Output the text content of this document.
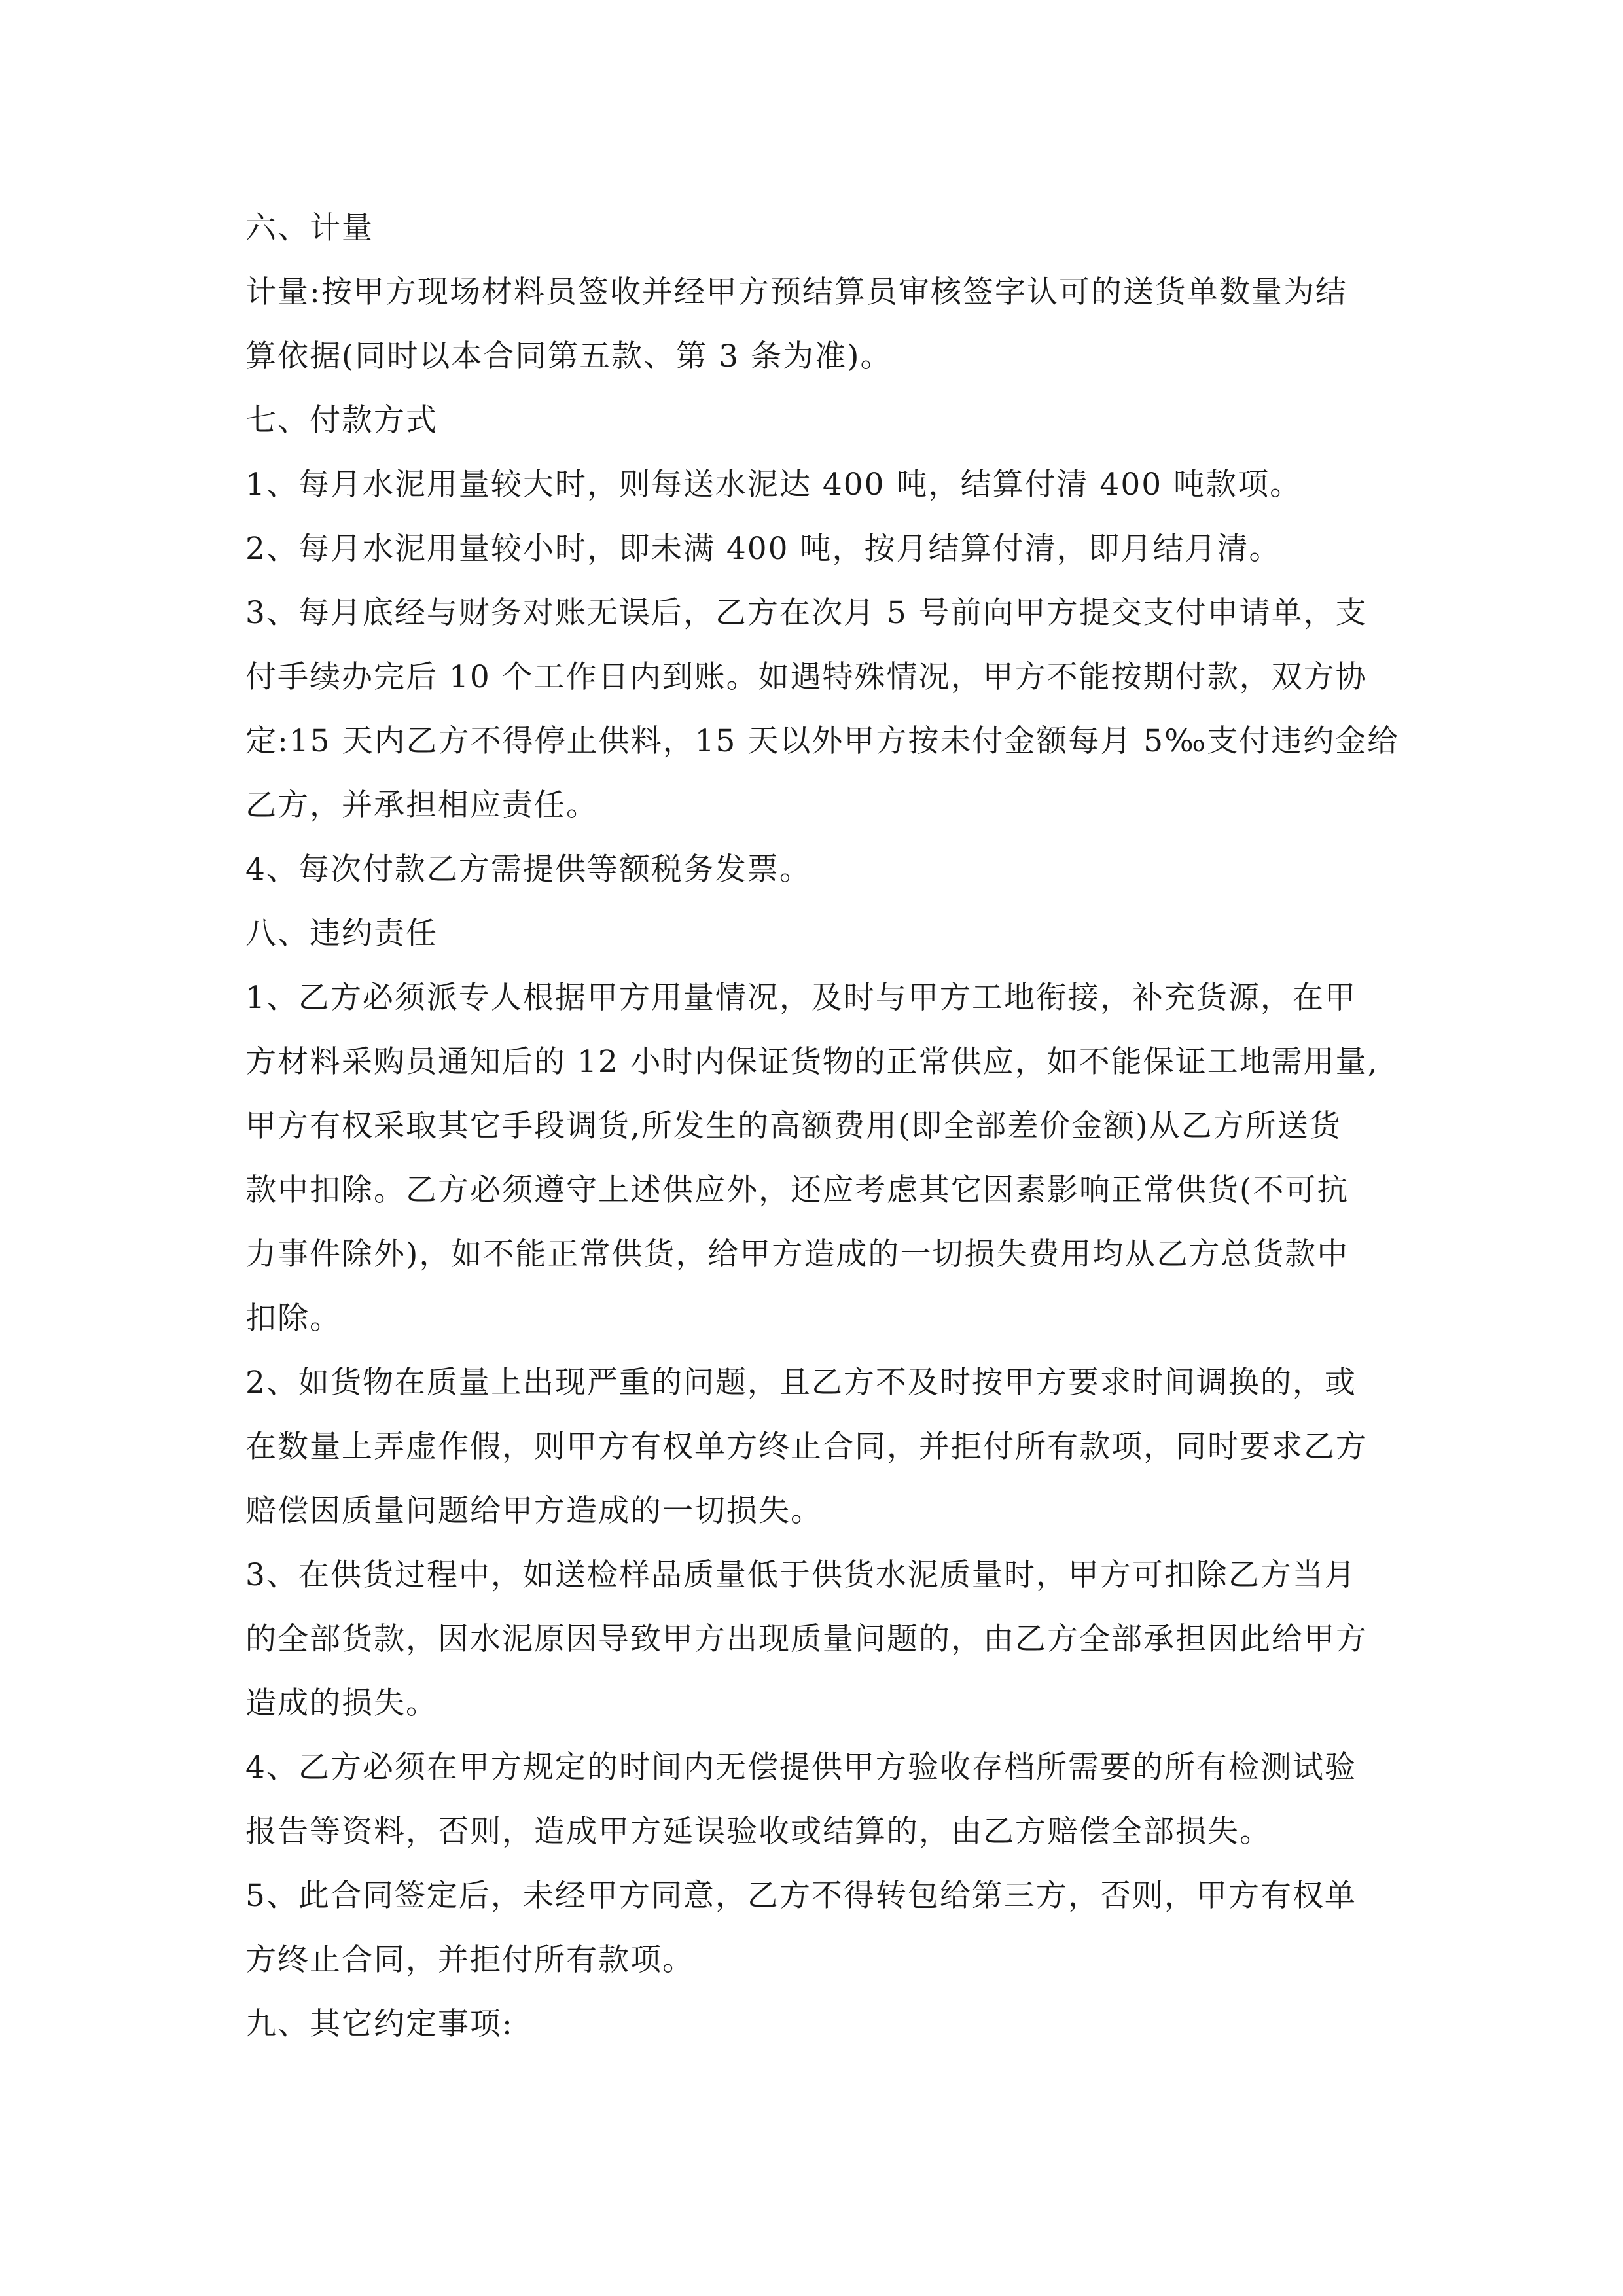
六、计量
计量:按甲方现场材料员签收并经甲方预结算员审核签字认可的送货单数量为结
算依据(同时以本合同第五款、第 3 条为准)。
七、付款方式
1、每月水泥用量较大时，则每送水泥达 400 吨，结算付清 400 吨款项。
2、每月水泥用量较小时，即未满 400 吨，按月结算付清，即月结月清。
3、每月底经与财务对账无误后，乙方在次月 5 号前向甲方提交支付申请单，支
付手续办完后 10 个工作日内到账。如遇特殊情况，甲方不能按期付款，双方协
定:15 天内乙方不得停止供料，15 天以外甲方按未付金额每月 5‰支付违约金给
乙方，并承担相应责任。
4、每次付款乙方需提供等额税务发票。
八、违约责任
1、乙方必须派专人根据甲方用量情况，及时与甲方工地衔接，补充货源，在甲
方材料采购员通知后的 12 小时内保证货物的正常供应，如不能保证工地需用量,
甲方有权采取其它手段调货,所发生的高额费用(即全部差价金额)从乙方所送货
款中扣除。乙方必须遵守上述供应外，还应考虑其它因素影响正常供货(不可抗
力事件除外)，如不能正常供货，给甲方造成的一切损失费用均从乙方总货款中
扣除。
2、如货物在质量上出现严重的问题，且乙方不及时按甲方要求时间调换的，或
在数量上弄虚作假，则甲方有权单方终止合同，并拒付所有款项，同时要求乙方
赔偿因质量问题给甲方造成的一切损失。
3、在供货过程中，如送检样品质量低于供货水泥质量时，甲方可扣除乙方当月
的全部货款，因水泥原因导致甲方出现质量问题的，由乙方全部承担因此给甲方
造成的损失。
4、乙方必须在甲方规定的时间内无偿提供甲方验收存档所需要的所有检测试验
报告等资料，否则，造成甲方延误验收或结算的，由乙方赔偿全部损失。
5、此合同签定后，未经甲方同意，乙方不得转包给第三方，否则，甲方有权单
方终止合同，并拒付所有款项。
九、其它约定事项:
